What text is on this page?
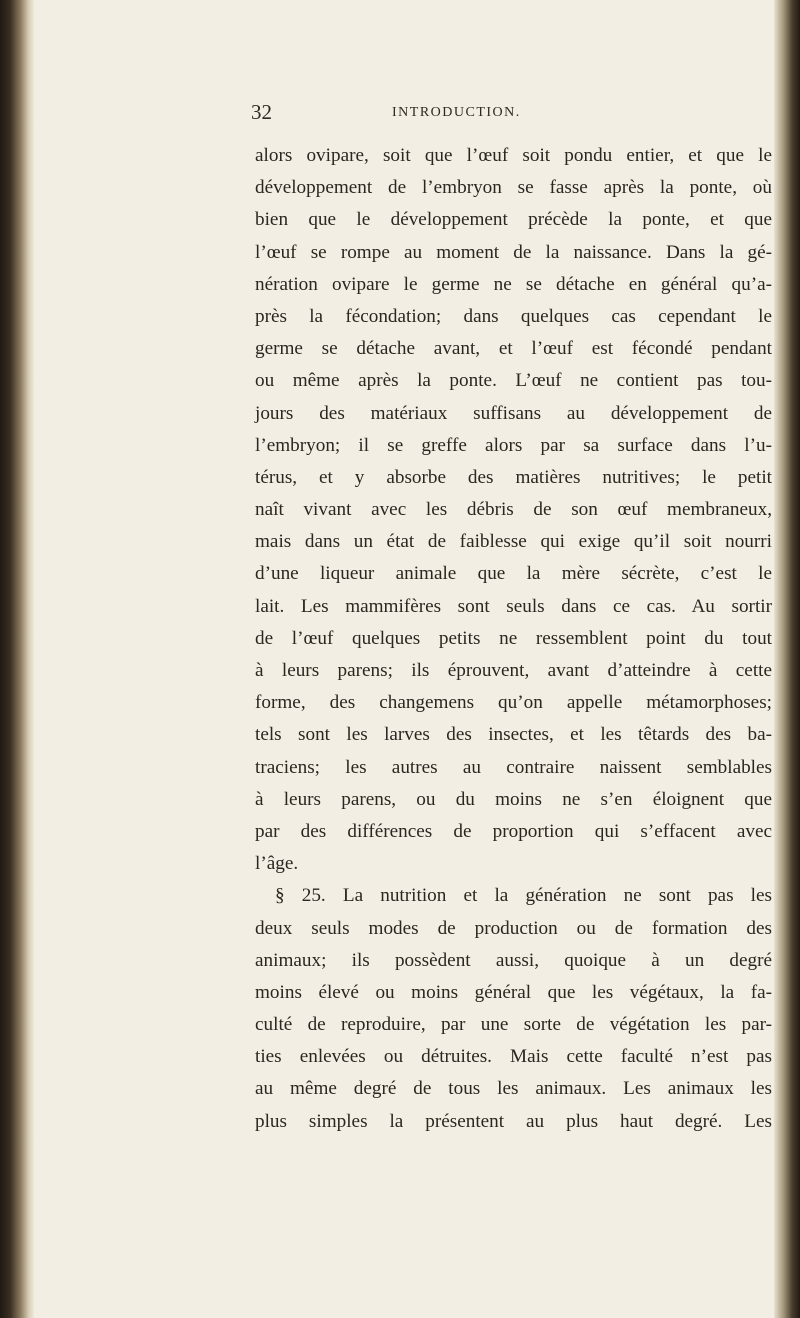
32	INTRODUCTION.
alors ovipare, soit que l’œuf soit pondu entier, et que le
développement de l’embryon se fasse après la ponte, où
bien que le développement précède la ponte, et que
l’œuf se rompe au moment de la naissance. Dans la gé-
nération ovipare le germe ne se détache en général qu’a-
près la fécondation; dans quelques cas cependant le
germe se détache avant, et l’œuf est fécondé pendant
ou même après la ponte. L’œuf ne contient pas tou-
jours des matériaux suffisans au développement de
l’embryon; il se greffe alors par sa surface dans l’u-
térus, et y absorbe des matières nutritives; le petit
naît vivant avec les débris de son œuf membraneux,
mais dans un état de faiblesse qui exige qu’il soit nourri
d’une liqueur animale que la mère sécrète, c’est le
lait. Les mammifères sont seuls dans ce cas. Au sortir
de l’œuf quelques petits ne ressemblent point du tout
à leurs parens; ils éprouvent, avant d’atteindre à cette
forme, des changemens qu’on appelle métamorphoses;
tels sont les larves des insectes, et les têtards des ba-
traciens; les autres au contraire naissent semblables
à leurs parens, ou du moins ne s’en éloignent que
par des différences de proportion qui s’effacent avec
l’âge.
§ 25. La nutrition et la génération ne sont pas les
deux seuls modes de production ou de formation des
animaux; ils possèdent aussi, quoique à un degré
moins élevé ou moins général que les végétaux, la fa-
culté de reproduire, par une sorte de végétation les par-
ties enlevées ou détruites. Mais cette faculté n’est pas
au même degré de tous les animaux. Les animaux les
plus simples la présentent au plus haut degré. Les
